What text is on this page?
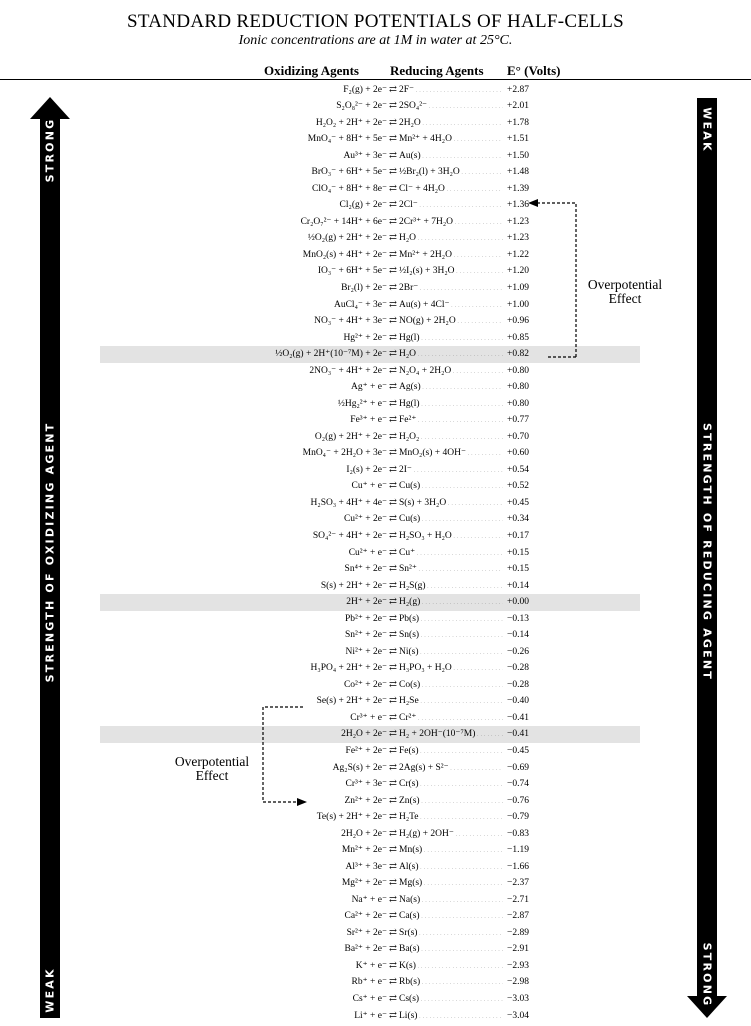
STANDARD REDUCTION POTENTIALS OF HALF-CELLS
Ionic concentrations are at 1M in water at 25°C.
Oxidizing Agents Reducing Agents E° (Volts)
STRONG
STRENGTH OF OXIDIZING AGENT
WEAK
WEAK
STRENGTH OF REDUCING AGENT
STRONG
F₂(g) + 2e⁻ ⇄ 2F⁻ . . .	+2.87
S₂O₈²⁻ + 2e⁻ ⇄ 2SO₄²⁻ . . .	+2.01
H₂O₂ + 2H⁺ + 2e⁻ ⇄ 2H₂O . . .	+1.78
MnO₄⁻ + 8H⁺ + 5e⁻ ⇄ Mn²⁺ + 4H₂O . . .	+1.51
Au³⁺ + 3e⁻ ⇄ Au(s) . . .	+1.50
BrO₃⁻ + 6H⁺ + 5e⁻ ⇄ ½Br₂(l) + 3H₂O . . .	+1.48
ClO₄⁻ + 8H⁺ + 8e⁻ ⇄ Cl⁻ + 4H₂O . . .	+1.39
Cl₂(g) + 2e⁻ ⇄ 2Cl⁻ . . .	+1.36
Cr₂O₇²⁻ + 14H⁺ + 6e⁻ ⇄ 2Cr³⁺ + 7H₂O . . .	+1.23
½O₂(g) + 2H⁺ + 2e⁻ ⇄ H₂O . . .	+1.23
MnO₂(s) + 4H⁺ + 2e⁻ ⇄ Mn²⁺ + 2H₂O . . .	+1.22
IO₃⁻ + 6H⁺ + 5e⁻ ⇄ ½I₂(s) + 3H₂O . . .	+1.20
Br₂(l) + 2e⁻ ⇄ 2Br⁻ . . .	+1.09
AuCl₄⁻ + 3e⁻ ⇄ Au(s) + 4Cl⁻ . . .	+1.00
NO₃⁻ + 4H⁺ + 3e⁻ ⇄ NO(g) + 2H₂O . . .	+0.96
Hg²⁺ + 2e⁻ ⇄ Hg(l) . . .	+0.85
½O₂(g) + 2H⁺(10⁻⁷M) + 2e⁻ ⇄ H₂O . . .	+0.82
2NO₃⁻ + 4H⁺ + 2e⁻ ⇄ N₂O₄ + 2H₂O . . .	+0.80
Ag⁺ + e⁻ ⇄ Ag(s) . . .	+0.80
½Hg₂²⁺ + e⁻ ⇄ Hg(l) . . .	+0.80
Fe³⁺ + e⁻ ⇄ Fe²⁺ . . .	+0.77
O₂(g) + 2H⁺ + 2e⁻ ⇄ H₂O₂ . . .	+0.70
MnO₄⁻ + 2H₂O + 3e⁻ ⇄ MnO₂(s) + 4OH⁻ . . .	+0.60
I₂(s) + 2e⁻ ⇄ 2I⁻ . . .	+0.54
Cu⁺ + e⁻ ⇄ Cu(s) . . .	+0.52
H₂SO₃ + 4H⁺ + 4e⁻ ⇄ S(s) + 3H₂O . . .	+0.45
Cu²⁺ + 2e⁻ ⇄ Cu(s) . . .	+0.34
SO₄²⁻ + 4H⁺ + 2e⁻ ⇄ H₂SO₃ + H₂O . . .	+0.17
Cu²⁺ + e⁻ ⇄ Cu⁺ . . .	+0.15
Sn⁴⁺ + 2e⁻ ⇄ Sn²⁺ . . .	+0.15
S(s) + 2H⁺ + 2e⁻ ⇄ H₂S(g) . . .	+0.14
2H⁺ + 2e⁻ ⇄ H₂(g) . . .	+0.00
Pb²⁺ + 2e⁻ ⇄ Pb(s) . . .	−0.13
Sn²⁺ + 2e⁻ ⇄ Sn(s) . . .	−0.14
Ni²⁺ + 2e⁻ ⇄ Ni(s) . . .	−0.26
H₃PO₄ + 2H⁺ + 2e⁻ ⇄ H₃PO₃ + H₂O . . .	−0.28
Co²⁺ + 2e⁻ ⇄ Co(s) . . .	−0.28
Se(s) + 2H⁺ + 2e⁻ ⇄ H₂Se . . .	−0.40
Cr³⁺ + e⁻ ⇄ Cr²⁺ . . .	−0.41
2H₂O + 2e⁻ ⇄ H₂ + 2OH⁻(10⁻⁷M) . . .	−0.41
Fe²⁺ + 2e⁻ ⇄ Fe(s) . . .	−0.45
Ag₂S(s) + 2e⁻ ⇄ 2Ag(s) + S²⁻ . . .	−0.69
Cr³⁺ + 3e⁻ ⇄ Cr(s) . . .	−0.74
Zn²⁺ + 2e⁻ ⇄ Zn(s) . . .	−0.76
Te(s) + 2H⁺ + 2e⁻ ⇄ H₂Te . . .	−0.79
2H₂O + 2e⁻ ⇄ H₂(g) + 2OH⁻ . . .	−0.83
Mn²⁺ + 2e⁻ ⇄ Mn(s) . . .	−1.19
Al³⁺ + 3e⁻ ⇄ Al(s) . . .	−1.66
Mg²⁺ + 2e⁻ ⇄ Mg(s) . . .	−2.37
Na⁺ + e⁻ ⇄ Na(s) . . .	−2.71
Ca²⁺ + 2e⁻ ⇄ Ca(s) . . .	−2.87
Sr²⁺ + 2e⁻ ⇄ Sr(s) . . .	−2.89
Ba²⁺ + 2e⁻ ⇄ Ba(s) . . .	−2.91
K⁺ + e⁻ ⇄ K(s) . . .	−2.93
Rb⁺ + e⁻ ⇄ Rb(s) . . .	−2.98
Cs⁺ + e⁻ ⇄ Cs(s) . . .	−3.03
Li⁺ + e⁻ ⇄ Li(s) . . .	−3.04
Overpotential Effect
Overpotential Effect
